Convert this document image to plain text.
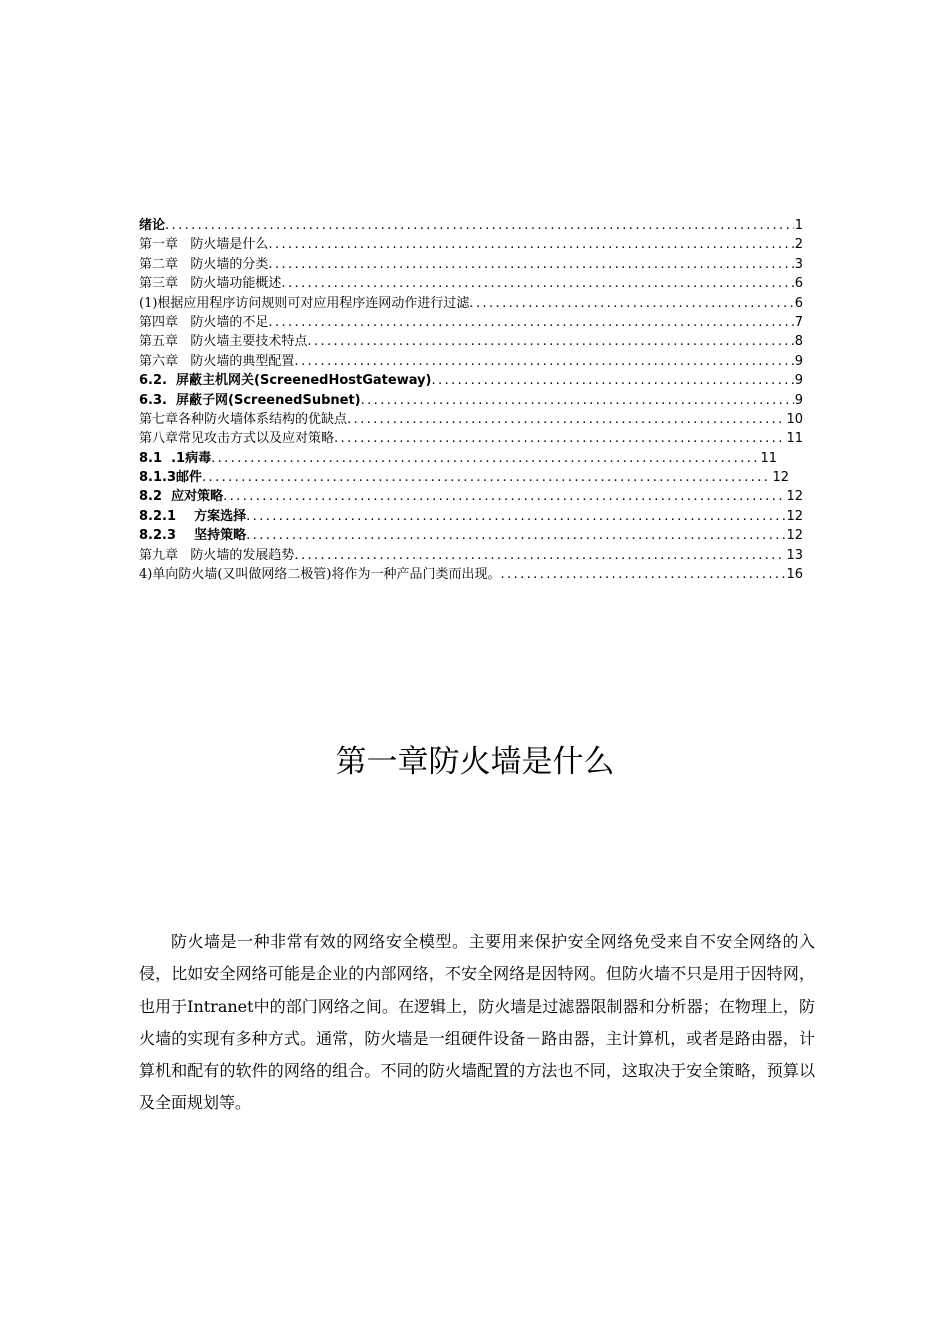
绪论 .....	1
第一章   防火墙是什么 .....	2
第二章   防火墙的分类 .....	3
第三章   防火墙功能概述 .....	6
(1)根据应用程序访问规则可对应用程序连网动作进行过滤 .....	6
第四章   防火墙的不足 .....	7
第五章   防火墙主要技术特点 .....	8
第六章   防火墙的典型配置 .....	9
6.2.  屏蔽主机网关(ScreenedHostGateway) .....	9
6.3.  屏蔽子网(ScreenedSubnet) .....	9
第七章各种防火墙体系结构的优缺点 .....	10
第八章常见攻击方式以及应对策略 .....	11
8.1  .1病毒 .....	11
8.1.3邮件 .....	12
8.2  应对策略 .....	12
8.2.1    方案选择 .....	12
8.2.3    坚持策略 .....	12
第九章   防火墙的发展趋势 .....	13
4)单向防火墙(又叫做网络二极管)将作为一种产品门类而出现。 .....	16
第一章防火墙是什么

防火墙是一种非常有效的网络安全模型。主要用来保护安全网络免受来自不安全网络的入侵，比如安全网络可能是企业的内部网络，不安全网络是因特网。但防火墙不只是用于因特网，也用于Intranet中的部门网络之间。在逻辑上，防火墙是过滤器限制器和分析器；在物理上，防火墙的实现有多种方式。通常，防火墙是一组硬件设备－路由器，主计算机，或者是路由器，计算机和配有的软件的网络的组合。不同的防火墙配置的方法也不同，这取决于安全策略，预算以及全面规划等。
